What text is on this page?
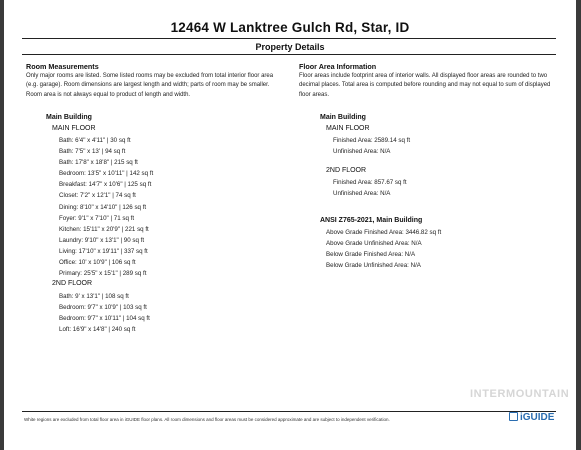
12464 W Lanktree Gulch Rd, Star, ID
Property Details
Room Measurements
Only major rooms are listed. Some listed rooms may be excluded from total interior floor area
(e.g. garage). Room dimensions are largest length and width; parts of room may be smaller.
Room area is not always equal to product of length and width.
Floor Area Information
Floor areas include footprint area of interior walls. All displayed floor areas are rounded to two
decimal places. Total area is computed before rounding and may not equal to sum of displayed
floor areas.
Main Building
MAIN FLOOR
Bath: 6'4" x 4'11" | 30 sq ft
Bath: 7'5" x 13' | 94 sq ft
Bath: 17'8" x 18'8" | 215 sq ft
Bedroom: 13'5" x 10'11" | 142 sq ft
Breakfast: 14'7" x 10'6" | 125 sq ft
Closet: 7'2" x 12'1" | 74 sq ft
Dining: 8'10" x 14'10" | 126 sq ft
Foyer: 9'1" x 7'10" | 71 sq ft
Kitchen: 15'11" x 20'9" | 221 sq ft
Laundry: 9'10" x 13'1" | 90 sq ft
Living: 17'10" x 19'11" | 337 sq ft
Office: 10' x 10'9" | 106 sq ft
Primary: 25'5" x 15'1" | 289 sq ft
2ND FLOOR
Bath: 9' x 13'1" | 108 sq ft
Bedroom: 9'7" x 10'9" | 103 sq ft
Bedroom: 9'7" x 10'11" | 104 sq ft
Loft: 16'9" x 14'8" | 240 sq ft
Main Building
MAIN FLOOR
Finished Area: 2589.14 sq ft
Unfinished Area: N/A
2ND FLOOR
Finished Area: 857.67 sq ft
Unfinished Area: N/A
ANSI Z765-2021, Main Building
Above Grade Finished Area: 3446.82 sq ft
Above Grade Unfinished Area: N/A
Below Grade Finished Area: N/A
Below Grade Unfinished Area: N/A
INTERMOUNTAIN
White regions are excluded from total floor area in iGUIDE floor plans. All room dimensions and floor areas must be considered approximate and are subject to independent verification.	iGUIDE
